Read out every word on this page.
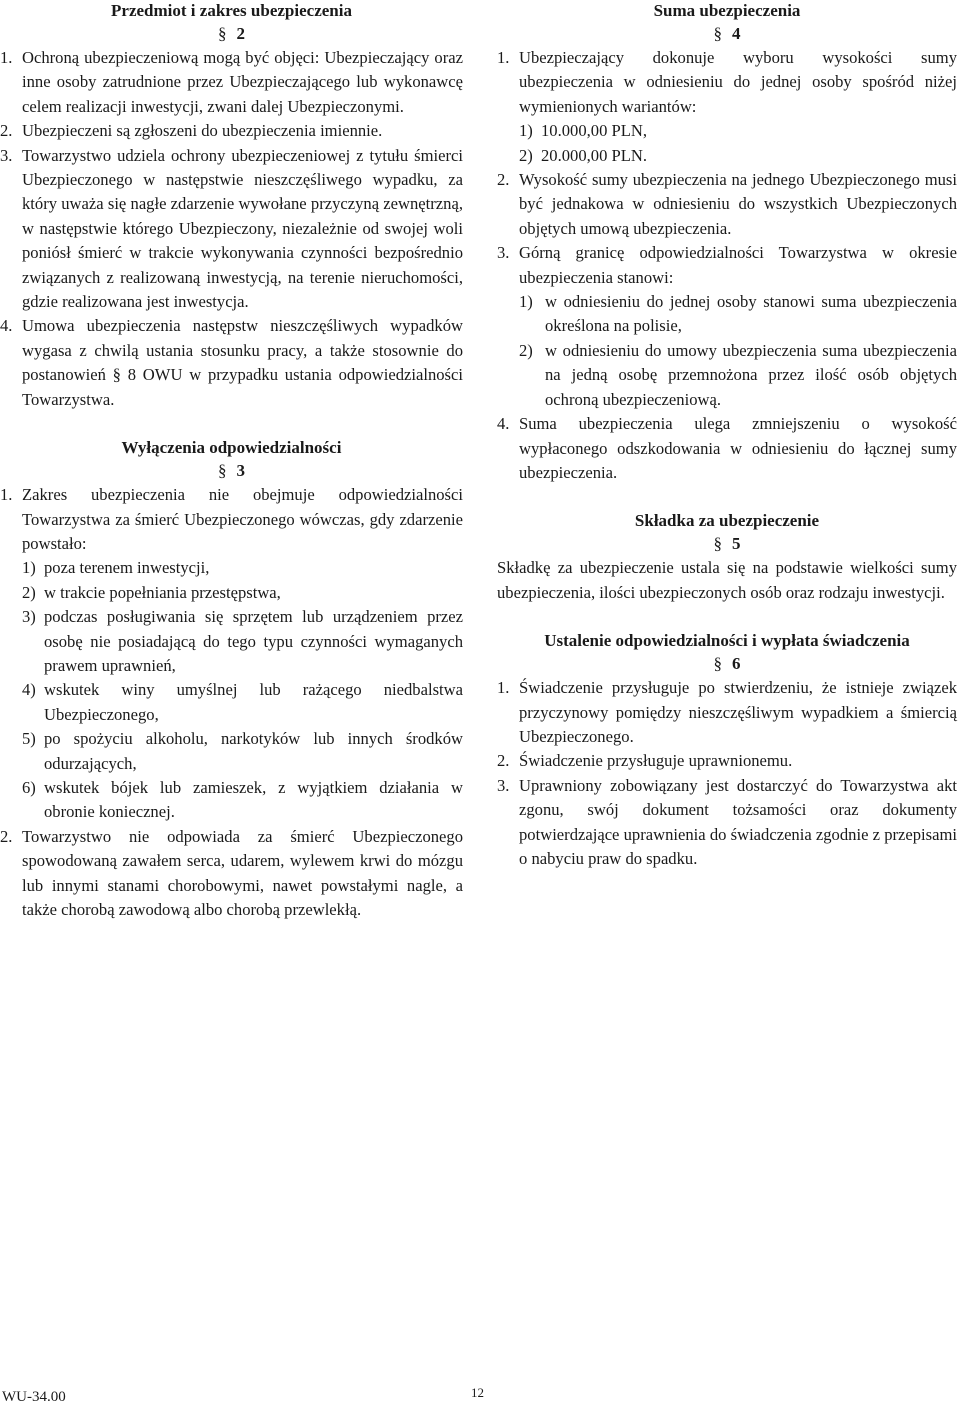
Przedmiot i zakres ubezpieczenia
§ 2
1. Ochroną ubezpieczeniową mogą być objęci: Ubezpieczający oraz inne osoby zatrudnione przez Ubezpieczającego lub wykonawcę celem realizacji inwestycji, zwani dalej Ubezpieczonymi.
2. Ubezpieczeni są zgłoszeni do ubezpieczenia imiennie.
3. Towarzystwo udziela ochrony ubezpieczeniowej z tytułu śmierci Ubezpieczonego w następstwie nieszczęśliwego wypadku, za który uważa się nagłe zdarzenie wywołane przyczyną zewnętrzną, w następstwie którego Ubezpieczony, niezależnie od swojej woli poniósł śmierć w trakcie wykonywania czynności bezpośrednio związanych z realizowaną inwestycją, na terenie nieruchomości, gdzie realizowana jest inwestycja.
4. Umowa ubezpieczenia następstw nieszczęśliwych wypadków wygasa z chwilą ustania stosunku pracy, a także stosownie do postanowień § 8 OWU w przypadku ustania odpowiedzialności Towarzystwa.
Wyłączenia odpowiedzialności
§ 3
1. Zakres ubezpieczenia nie obejmuje odpowiedzialności Towarzystwa za śmierć Ubezpieczonego wówczas, gdy zdarzenie powstało:
1) poza terenem inwestycji,
2) w trakcie popełniania przestępstwa,
3) podczas posługiwania się sprzętem lub urządzeniem przez osobę nie posiadającą do tego typu czynności wymaganych prawem uprawnień,
4) wskutek winy umyślnej lub rażącego niedbalstwa Ubezpieczonego,
5) po spożyciu alkoholu, narkotyków lub innych środków odurzających,
6) wskutek bójek lub zamieszek, z wyjątkiem działania w obronie koniecznej.
2. Towarzystwo nie odpowiada za śmierć Ubezpieczonego spowodowaną zawałem serca, udarem, wylewem krwi do mózgu lub innymi stanami chorobowymi, nawet powstałymi nagle, a także chorobą zawodową albo chorobą przewlekłą.
Suma ubezpieczenia
§ 4
1. Ubezpieczający dokonuje wyboru wysokości sumy ubezpieczenia w odniesieniu do jednej osoby spośród niżej wymienionych wariantów:
1) 10.000,00 PLN,
2) 20.000,00 PLN.
2. Wysokość sumy ubezpieczenia na jednego Ubezpieczonego musi być jednakowa w odniesieniu do wszystkich Ubezpieczonych objętych umową ubezpieczenia.
3. Górną granicę odpowiedzialności Towarzystwa w okresie ubezpieczenia stanowi:
1) w odniesieniu do jednej osoby stanowi suma ubezpieczenia określona na polisie,
2) w odniesieniu do umowy ubezpieczenia suma ubezpieczenia na jedną osobę przemnożona przez ilość osób objętych ochroną ubezpieczeniową.
4. Suma ubezpieczenia ulega zmniejszeniu o wysokość wypłaconego odszkodowania w odniesieniu do łącznej sumy ubezpieczenia.
Składka za ubezpieczenie
§ 5
Składkę za ubezpieczenie ustala się na podstawie wielkości sumy ubezpieczenia, ilości ubezpieczonych osób oraz rodzaju inwestycji.
Ustalenie odpowiedzialności i wypłata świadczenia
§ 6
1. Świadczenie przysługuje po stwierdzeniu, że istnieje związek przyczynowy pomiędzy nieszczęśliwym wypadkiem a śmiercią Ubezpieczonego.
2. Świadczenie przysługuje uprawnionemu.
3. Uprawniony zobowiązany jest dostarczyć do Towarzystwa akt zgonu, swój dokument tożsamości oraz dokumenty potwierdzające uprawnienia do świadczenia zgodnie z przepisami o nabyciu praw do spadku.
WU-34.00	12
